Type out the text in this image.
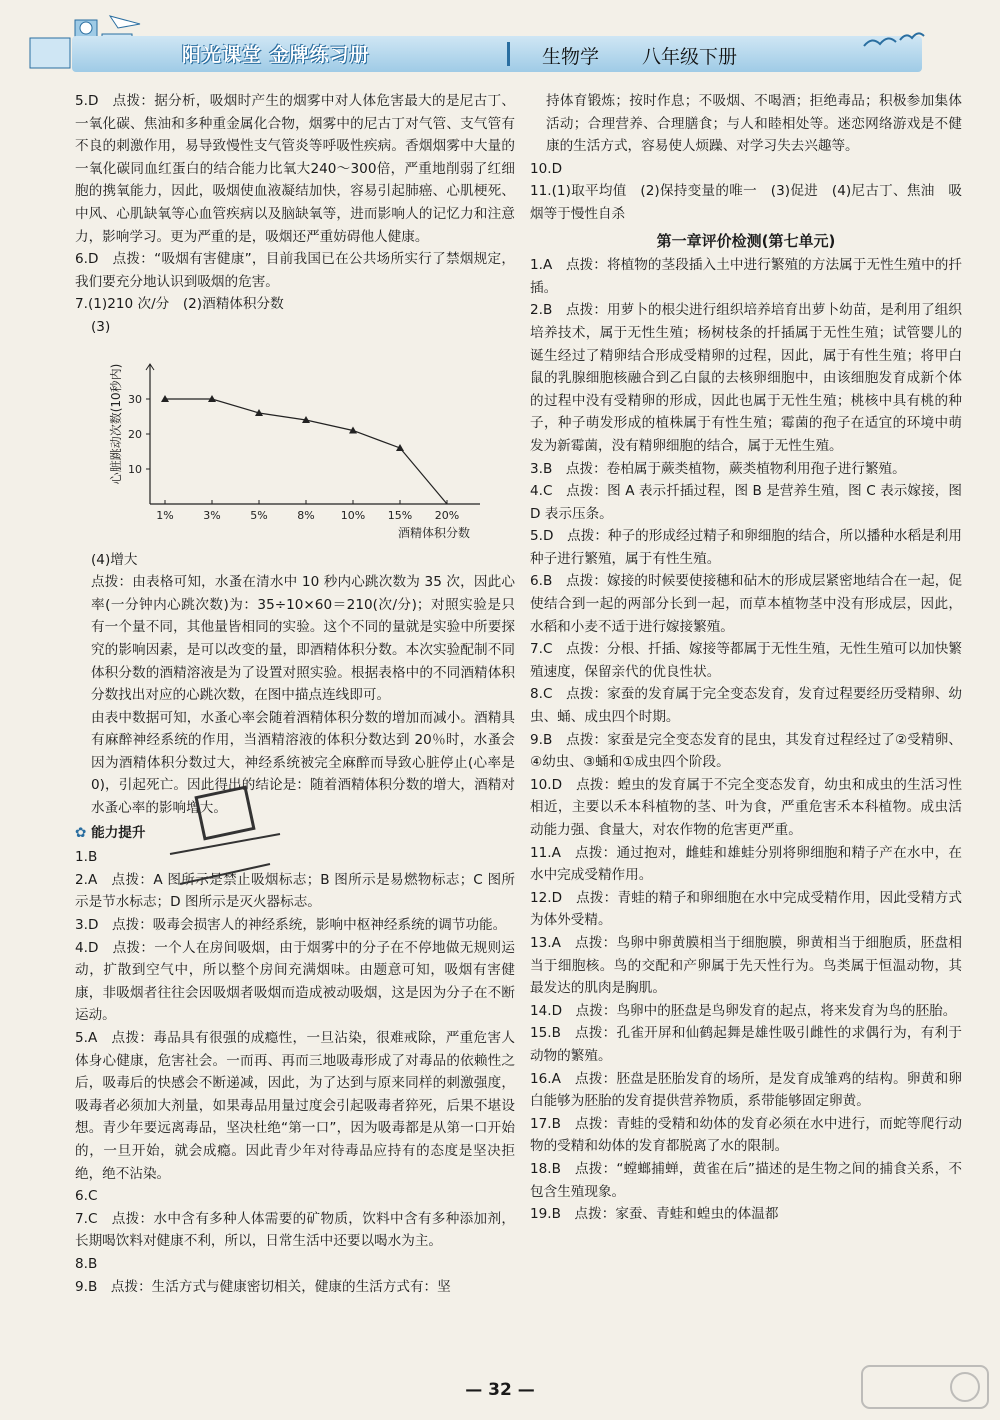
阳光课堂 金牌练习册	生物学 八年级下册

5.D　点拨：据分析，吸烟时产生的烟雾中对人体危害最大的是尼古丁、一氧化碳、焦油和多种重金属化合物，烟雾中的尼古丁对气管、支气管有不良的刺激作用，易导致慢性支气管炎等呼吸性疾病。香烟烟雾中大量的一氧化碳同血红蛋白的结合能力比氧大240～300倍，严重地削弱了红细胞的携氧能力，因此，吸烟使血液凝结加快，容易引起肺癌、心肌梗死、中风、心肌缺氧等心血管疾病以及脑缺氧等，进而影响人的记忆力和注意力，影响学习。更为严重的是，吸烟还严重妨碍他人健康。

6.D　点拨：“吸烟有害健康”，目前我国已在公共场所实行了禁烟规定，我们要充分地认识到吸烟的危害。

7.(1)210 次/分　(2)酒精体积分数

(3)
10
20
30
1%	3%	5%	8% 10% 15% 20%
酒精体积分数
心脏跳动次数(10秒内)

(4)增大

点拨：由表格可知，水蚤在清水中 10 秒内心跳次数为 35 次，因此心率(一分钟内心跳次数)为：35÷10×60＝210(次/分)；对照实验是只有一个量不同，其他量皆相同的实验。这个不同的量就是实验中所要探究的影响因素，是可以改变的量，即酒精体积分数。本次实验配制不同体积分数的酒精溶液是为了设置对照实验。根据表格中的不同酒精体积分数找出对应的心跳次数，在图中描点连线即可。

由表中数据可知，水蚤心率会随着酒精体积分数的增加而减小。酒精具有麻醉神经系统的作用，当酒精溶液的体积分数达到 20％时，水蚤会因为酒精体积分数过大，神经系统被完全麻醉而导致心脏停止(心率是 0)，引起死亡。因此得出的结论是：随着酒精体积分数的增大，酒精对水蚤心率的影响增大。

✿ 能力提升

1.B

2.A　点拨：A 图所示是禁止吸烟标志；B 图所示是易燃物标志；C 图所示是节水标志；D 图所示是灭火器标志。

3.D　点拨：吸毒会损害人的神经系统，影响中枢神经系统的调节功能。

4.D　点拨：一个人在房间吸烟，由于烟雾中的分子在不停地做无规则运动，扩散到空气中，所以整个房间充满烟味。由题意可知，吸烟有害健康，非吸烟者往往会因吸烟者吸烟而造成被动吸烟，这是因为分子在不断运动。

5.A　点拨：毒品具有很强的成瘾性，一旦沾染，很难戒除，严重危害人体身心健康，危害社会。一而再、再而三地吸毒形成了对毒品的依赖性之后，吸毒后的快感会不断递减，因此，为了达到与原来同样的刺激强度，吸毒者必须加大剂量，如果毒品用量过度会引起吸毒者猝死，后果不堪设想。青少年要远离毒品，坚决杜绝“第一口”，因为吸毒都是从第一口开始的，一旦开始，就会成瘾。因此青少年对待毒品应持有的态度是坚决拒绝，绝不沾染。

6.C

7.C　点拨：水中含有多种人体需要的矿物质，饮料中含有多种添加剂，长期喝饮料对健康不利，所以，日常生活中还要以喝水为主。

8.B

9.B　点拨：生活方式与健康密切相关，健康的生活方式有：坚

持体育锻炼；按时作息；不吸烟、不喝酒；拒绝毒品；积极参加集体活动；合理营养、合理膳食；与人和睦相处等。迷恋网络游戏是不健康的生活方式，容易使人烦躁、对学习失去兴趣等。

10.D

11.(1)取平均值　(2)保持变量的唯一　(3)促进　(4)尼古丁、焦油　吸烟等于慢性自杀

第一章评价检测(第七单元)

1.A　点拨：将植物的茎段插入土中进行繁殖的方法属于无性生殖中的扦插。

2.B　点拨：用萝卜的根尖进行组织培养培育出萝卜幼苗，是利用了组织培养技术，属于无性生殖；杨树枝条的扦插属于无性生殖；试管婴儿的诞生经过了精卵结合形成受精卵的过程，因此，属于有性生殖；将甲白鼠的乳腺细胞核融合到乙白鼠的去核卵细胞中，由该细胞发育成新个体的过程中没有受精卵的形成，因此也属于无性生殖；桃核中具有桃的种子，种子萌发形成的植株属于有性生殖；霉菌的孢子在适宜的环境中萌发为新霉菌，没有精卵细胞的结合，属于无性生殖。

3.B　点拨：卷柏属于蕨类植物，蕨类植物利用孢子进行繁殖。

4.C　点拨：图 A 表示扦插过程，图 B 是营养生殖，图 C 表示嫁接，图 D 表示压条。

5.D　点拨：种子的形成经过精子和卵细胞的结合，所以播种水稻是利用种子进行繁殖，属于有性生殖。

6.B　点拨：嫁接的时候要使接穗和砧木的形成层紧密地结合在一起，促使结合到一起的两部分长到一起，而草本植物茎中没有形成层，因此，水稻和小麦不适于进行嫁接繁殖。

7.C　点拨：分根、扦插、嫁接等都属于无性生殖，无性生殖可以加快繁殖速度，保留亲代的优良性状。

8.C　点拨：家蚕的发育属于完全变态发育，发育过程要经历受精卵、幼虫、蛹、成虫四个时期。

9.B　点拨：家蚕是完全变态发育的昆虫，其发育过程经过了②受精卵、④幼虫、③蛹和①成虫四个阶段。

10.D　点拨：蝗虫的发育属于不完全变态发育，幼虫和成虫的生活习性相近，主要以禾本科植物的茎、叶为食，严重危害禾本科植物。成虫活动能力强、食量大，对农作物的危害更严重。

11.A　点拨：通过抱对，雌蛙和雄蛙分别将卵细胞和精子产在水中，在水中完成受精作用。

12.D　点拨：青蛙的精子和卵细胞在水中完成受精作用，因此受精方式为体外受精。

13.A　点拨：鸟卵中卵黄膜相当于细胞膜，卵黄相当于细胞质，胚盘相当于细胞核。鸟的交配和产卵属于先天性行为。鸟类属于恒温动物，其最发达的肌肉是胸肌。

14.D　点拨：鸟卵中的胚盘是鸟卵发育的起点，将来发育为鸟的胚胎。

15.B　点拨：孔雀开屏和仙鹤起舞是雄性吸引雌性的求偶行为，有利于动物的繁殖。

16.A　点拨：胚盘是胚胎发育的场所，是发育成雏鸡的结构。卵黄和卵白能够为胚胎的发育提供营养物质，系带能够固定卵黄。

17.B　点拨：青蛙的受精和幼体的发育必须在水中进行，而蛇等爬行动物的受精和幼体的发育都脱离了水的限制。

18.B　点拨：“螳螂捕蝉，黄雀在后”描述的是生物之间的捕食关系，不包含生殖现象。

19.B　点拨：家蚕、青蛙和蝗虫的体温都

— 32 —
